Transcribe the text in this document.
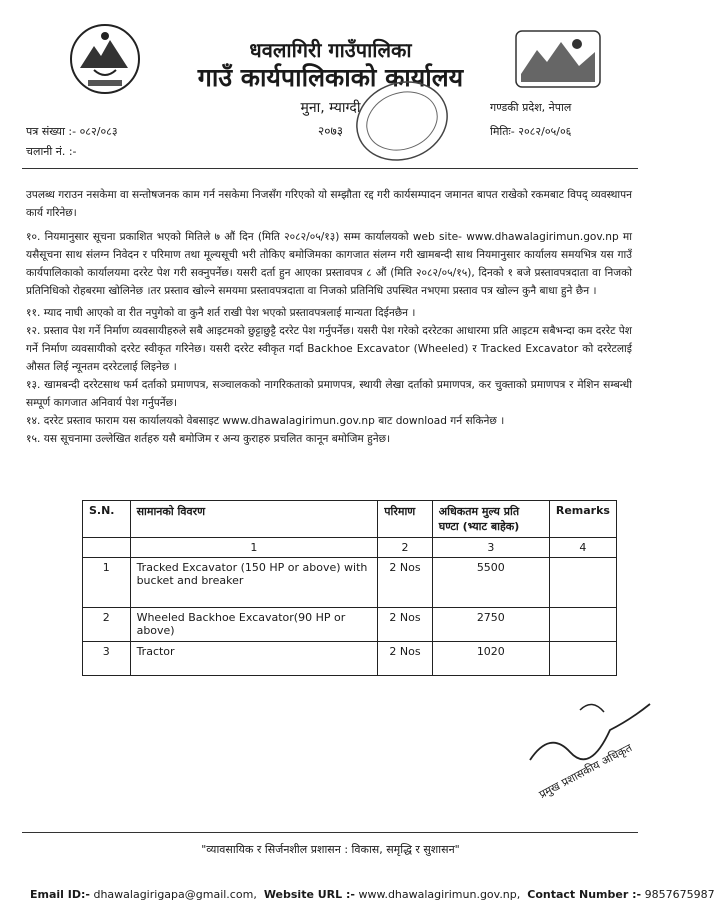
धवलागिरी गाउँपालिका
गाउँ कार्यपालिकाको कार्यालय
मुना, म्याग्दी
२०७३
गण्डकी प्रदेश, नेपाल
मितिः- २०८२/०५/०६
पत्र संख्या :- ०८२/०८३
चलानी नं. :-

उपलब्ध गराउन नसकेमा वा सन्तोषजनक काम गर्न नसकेमा निजसँग गरिएको यो सम्झौता रद्द गरी कार्यसम्पादन जमानत बापत राखेको रकमबाट विपद् व्यवस्थापन कार्य गरिनेछ।

१०. नियमानुसार सूचना प्रकाशित भएको मितिले ७ औं दिन (मिति २०८२/०५/१३) सम्म कार्यालयको web site- www.dhawalagirimun.gov.np मा यसैसूचना साथ संलग्न निवेदन र परिमाण तथा मूल्यसूची भरी तोकिए बमोजिमका कागजात संलग्न गरी खामबन्दी साथ नियमानुसार कार्यालय समयभित्र यस गाउँ कार्यपालिकाको कार्यालयमा दररेट पेश गरी सक्नुपर्नेछ। यसरी दर्ता हुन आएका प्रस्तावपत्र ८ औं (मिति २०८२/०५/१५), दिनको १ बजे प्रस्तावपत्रदाता वा निजको प्रतिनिधिको रोहबरमा खोलिनेछ ।तर प्रस्ताव खोल्ने समयमा प्रस्तावपत्रदाता वा निजको प्रतिनिधि उपस्थित नभएमा प्रस्ताव पत्र खोल्न कुनै बाधा हुने छैन ।

११. म्याद नाघी आएको वा रीत नपुगेको वा कुनै शर्त राखी पेश भएको प्रस्तावपत्रलाई मान्यता दिईनछैन ।

१२. प्रस्ताव पेश गर्ने निर्माण व्यवसायीहरुले सबै आइटमको छुट्टाछुट्टै दररेट पेश गर्नुपर्नेछ। यसरी पेश गरेको दररेटका आधारमा प्रति आइटम सबैभन्दा कम दररेट पेश गर्ने निर्माण व्यवसायीको दररेट स्वीकृत गरिनेछ। यसरी दररेट स्वीकृत गर्दा Backhoe Excavator (Wheeled) र Tracked Excavator को दररेटलाई औसत लिई न्यूनतम दररेटलाई लिइनेछ ।

१३. खामबन्दी दररेटसाथ फर्म दर्ताको प्रमाणपत्र, सञ्चालकको नागरिकताको प्रमाणपत्र, स्थायी लेखा दर्ताको प्रमाणपत्र, कर चुक्ताको प्रमाणपत्र र मेशिन सम्बन्धी सम्पूर्ण कागजात अनिवार्य पेश गर्नुपर्नेछ।

१४. दररेट प्रस्ताव फाराम यस कार्यालयको वेबसाइट www.dhawalagirimun.gov.np बाट download गर्न सकिनेछ ।

१५. यस सूचनामा उल्लेखित शर्तहरु यसै बमोजिम र अन्य कुराहरु प्रचलित कानून बमोजिम हुनेछ।

S.N.	सामानको विवरण	परिमाण	अधिकतम मुल्य प्रति घण्टा (भ्याट बाहेक)	Remarks
	1	2	3	4
1	Tracked Excavator (150 HP or above) with bucket and breaker	2 Nos	5500	
2	Wheeled Backhoe Excavator(90 HP or above)	2 Nos	2750	
3	Tractor	2 Nos	1020	
प्रमुख प्रशासकीय अधिकृत
"व्यावसायिक र सिर्जनशील प्रशासन : विकास, समृद्धि र सुशासन"
Email ID:- dhawalagirigapa@gmail.com,  Website URL :- www.dhawalagirimun.gov.np,  Contact Number :- 9857675987
